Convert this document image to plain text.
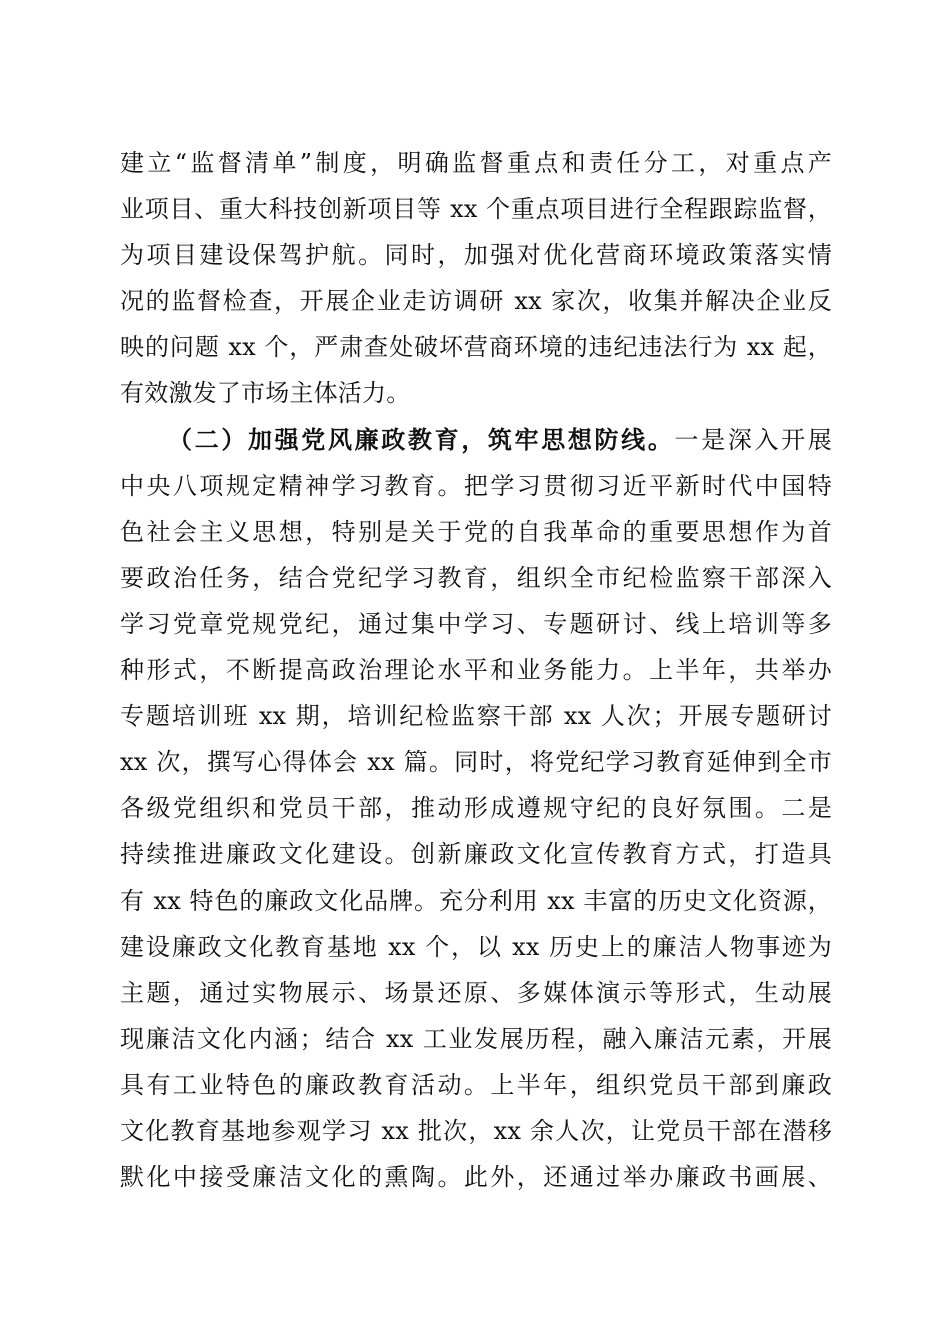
建立“监督清单”制度，明确监督重点和责任分工，对重点产
业项目、重大科技创新项目等 xx 个重点项目进行全程跟踪监督，
为项目建设保驾护航。同时，加强对优化营商环境政策落实情
况的监督检查，开展企业走访调研 xx 家次，收集并解决企业反
映的问题 xx 个，严肃查处破坏营商环境的违纪违法行为 xx 起，
有效激发了市场主体活力。
（二）加强党风廉政教育，筑牢思想防线。一是深入开展
中央八项规定精神学习教育。把学习贯彻习近平新时代中国特
色社会主义思想，特别是关于党的自我革命的重要思想作为首
要政治任务，结合党纪学习教育，组织全市纪检监察干部深入
学习党章党规党纪，通过集中学习、专题研讨、线上培训等多
种形式，不断提高政治理论水平和业务能力。上半年，共举办
专题培训班 xx 期，培训纪检监察干部 xx 人次；开展专题研讨
xx 次，撰写心得体会 xx 篇。同时，将党纪学习教育延伸到全市
各级党组织和党员干部，推动形成遵规守纪的良好氛围。二是
持续推进廉政文化建设。创新廉政文化宣传教育方式，打造具
有 xx 特色的廉政文化品牌。充分利用 xx 丰富的历史文化资源，
建设廉政文化教育基地 xx 个，以 xx 历史上的廉洁人物事迹为
主题，通过实物展示、场景还原、多媒体演示等形式，生动展
现廉洁文化内涵；结合 xx 工业发展历程，融入廉洁元素，开展
具有工业特色的廉政教育活动。上半年，组织党员干部到廉政
文化教育基地参观学习 xx 批次，xx 余人次，让党员干部在潜移
默化中接受廉洁文化的熏陶。此外，还通过举办廉政书画展、
